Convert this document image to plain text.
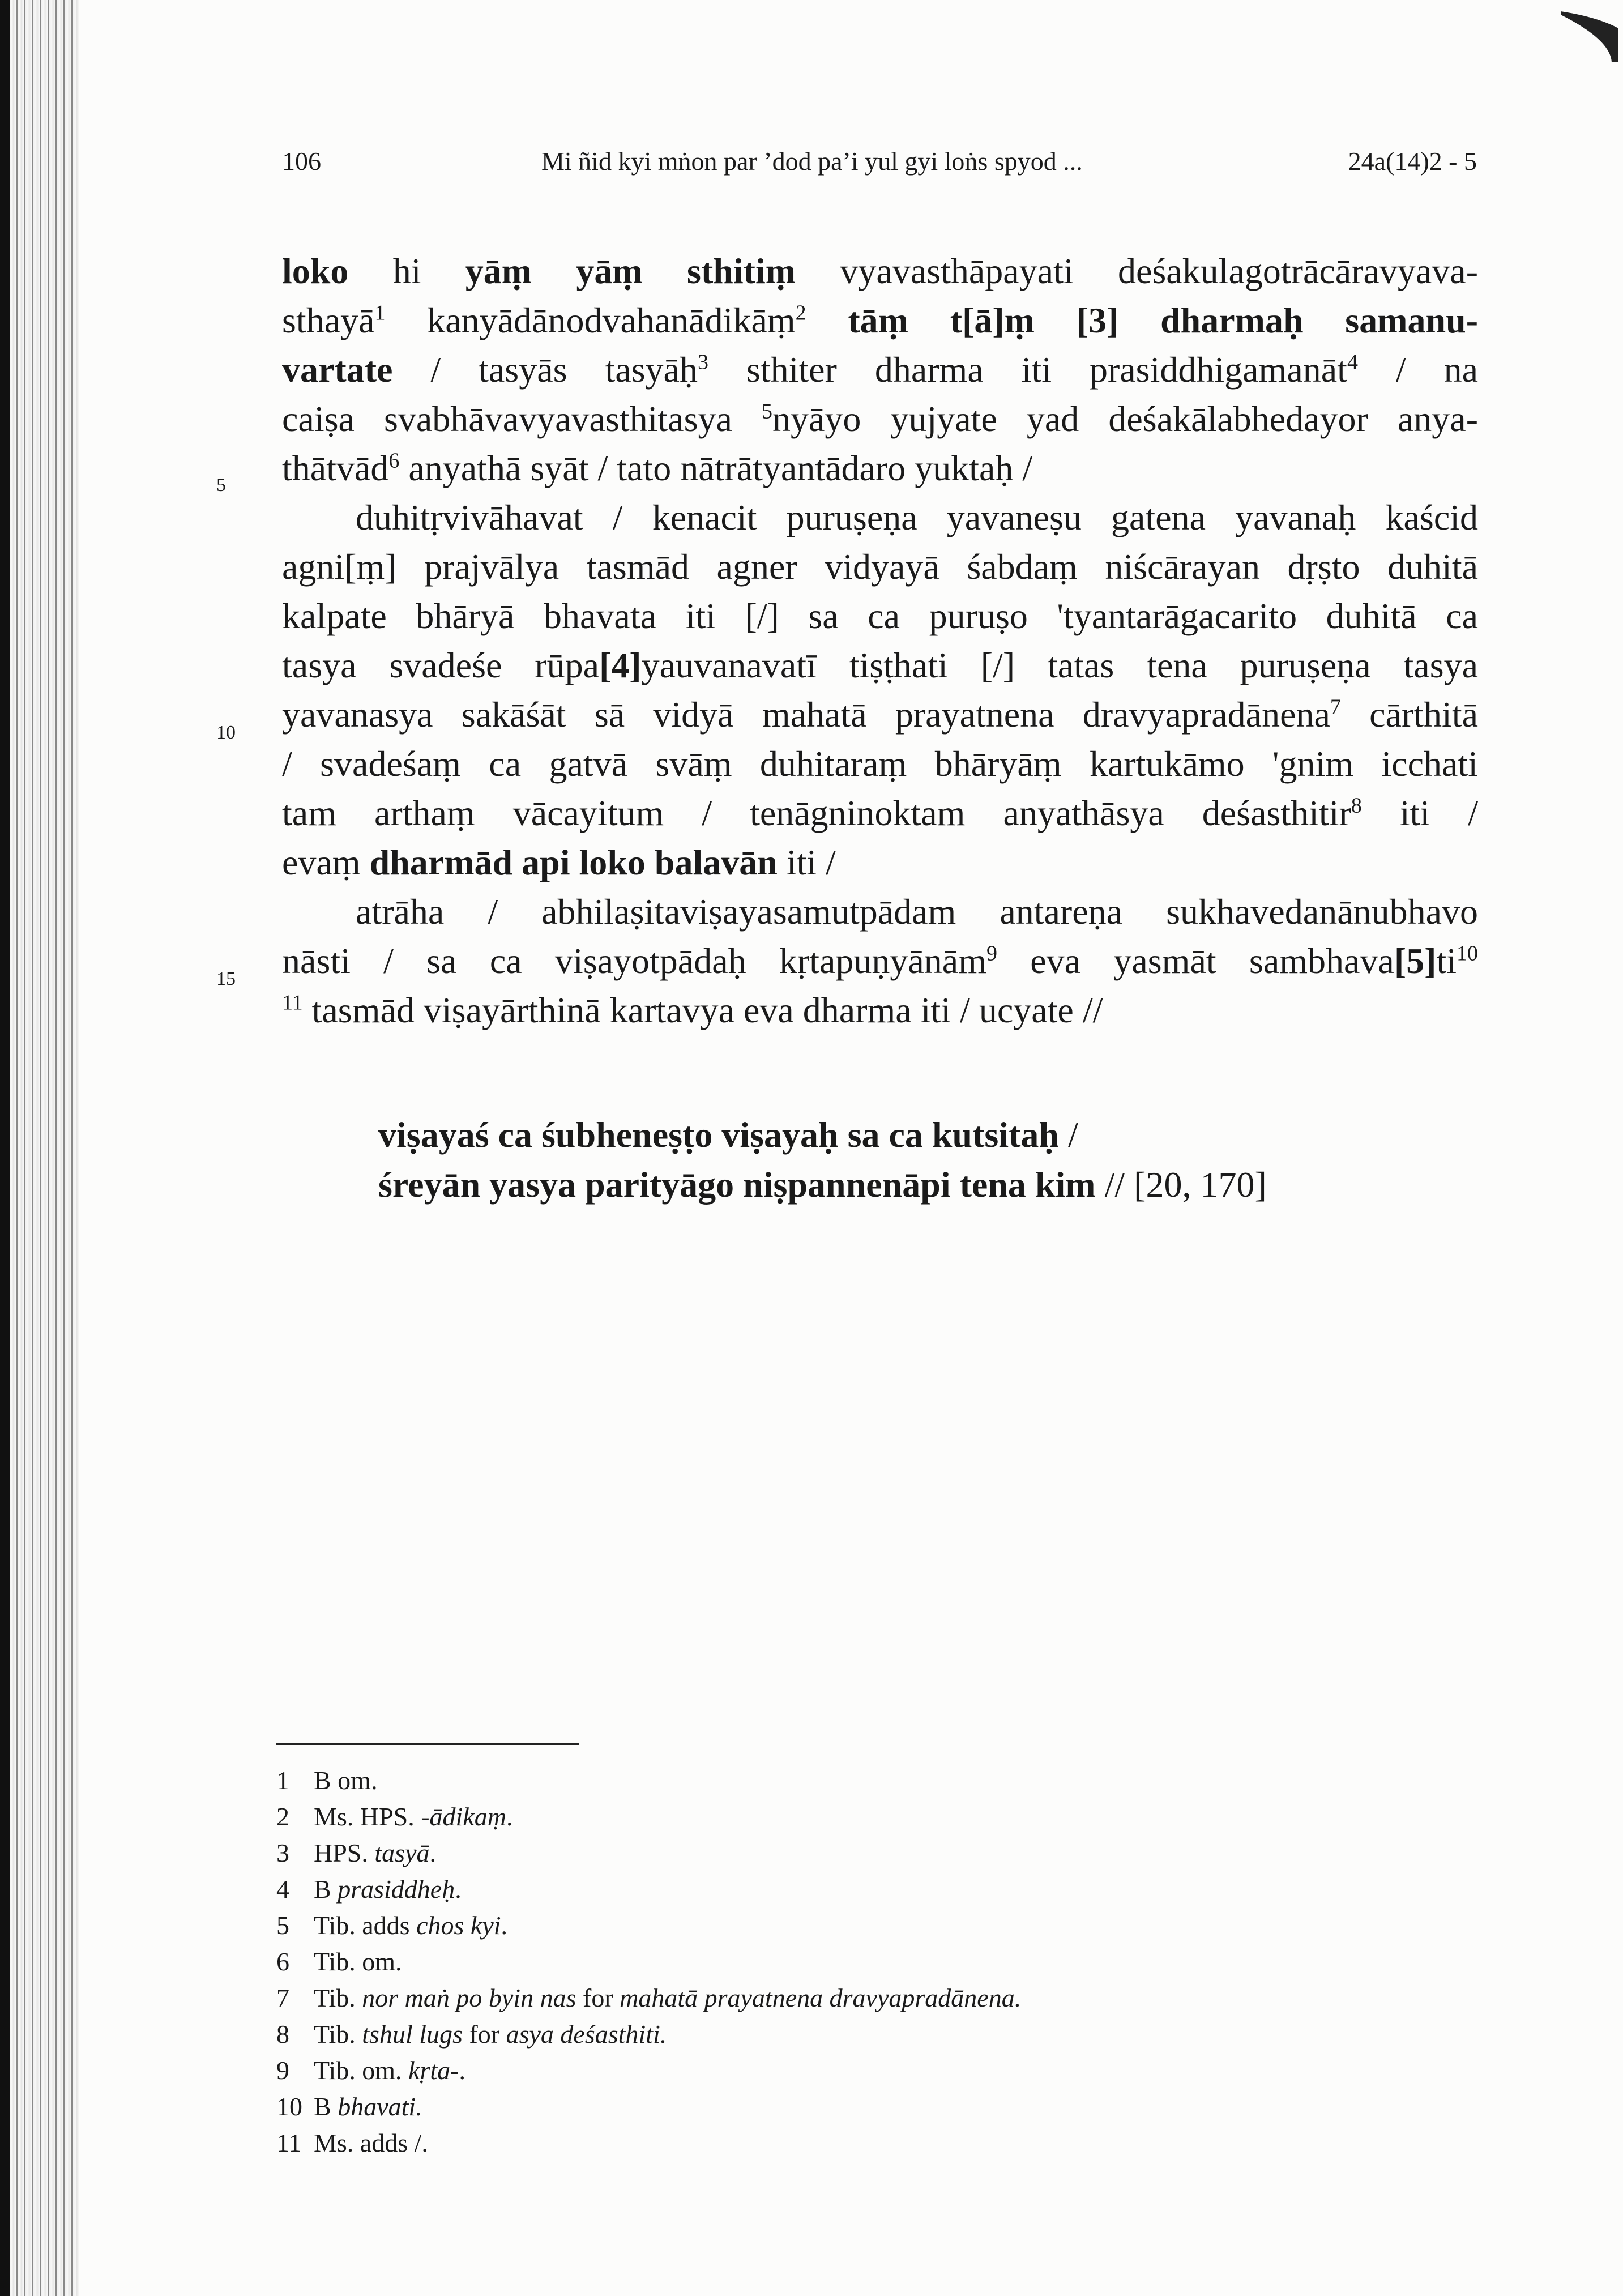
106	Mi ñid kyi mṅon par ’dod pa’i yul gyi loṅs spyod ...	24a(14)2 - 5
5
10
15
loko hi yāṃ yāṃ sthitiṃ vyavasthāpayati deśakulagotrācāravyava-
sthayā$^1$ kanyādānodvahanādikāṃ$^2$ tāṃ t[ā]ṃ [3] dharmaḥ samanu-
vartate / tasyās tasyāḥ$^3$ sthiter dharma iti prasiddhigamanāt$^4$ / na
caiṣa svabhāvavyavasthitasya $^5$nyāyo yujyate yad deśakālabhedayor anya-
thātvād$^6$ anyathā syāt / tato nātrātyantādaro yuktaḥ /
duhitṛvivāhavat / kenacit puruṣeṇa yavaneṣu gatena yavanaḥ kaścid
agni[ṃ] prajvālya tasmād agner vidyayā śabdaṃ niścārayan dṛṣto duhitā
kalpate bhāryā bhavata iti [/] sa ca puruṣo 'tyantarāgacarito duhitā ca
tasya svadeśe rūpa[4]yauvanavatī tiṣṭhati [/] tatas tena puruṣeṇa tasya
yavanasya sakāśāt sā vidyā mahatā prayatnena dravyapradānena$^7$ cārthitā
/ svadeśaṃ ca gatvā svāṃ duhitaraṃ bhāryāṃ kartukāmo 'gnim icchati
tam arthaṃ vācayitum / tenāgninoktam anyathāsya deśasthitir$^8$ iti /
evaṃ dharmād api loko balavān iti /
atrāha / abhilaṣitaviṣayasamutpādam antareṇa sukhavedanānubhavo
nāsti / sa ca viṣayotpādaḥ kṛtapuṇyānām$^9$ eva yasmāt $sambhava[5]ti^{10}$
$^{11}$ tasmād viṣayārthinā kartavya eva dharma iti / ucyate //
viṣayaś ca śubheneṣṭo viṣayaḥ sa ca kutsitaḥ /
śreyān yasya parityāgo niṣpannenāpi tena kim // [20, 170]
1 B om.
2 Ms. HPS. -ādikaṃ.
3 HPS. tasyā.
4 B prasiddheḥ.
5 Tib. adds chos kyi.
6 Tib. om.
7 Tib. nor maṅ po byin nas for mahatā prayatnena dravyapradānena.
8 Tib. tshul lugs for asya deśasthiti.
9 Tib. om. kṛta-.
10 B bhavati.
11 Ms. adds /.
